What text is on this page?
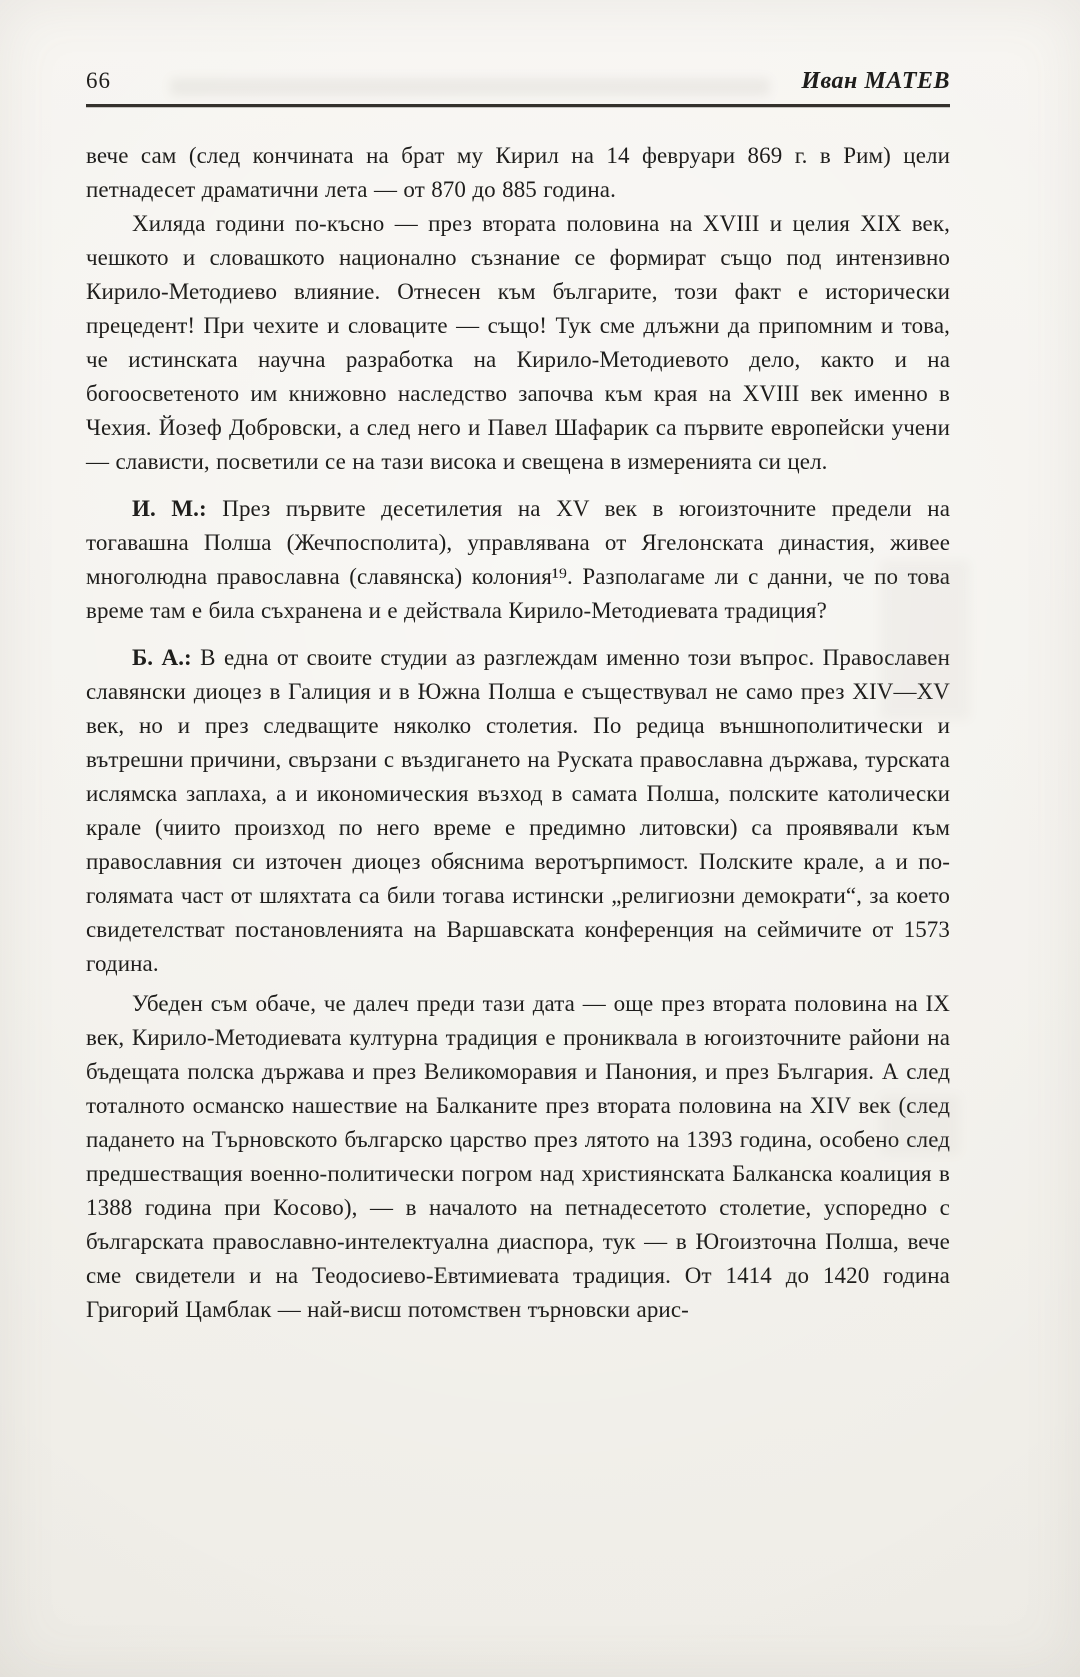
66	Иван МАТЕВ

вече сам (след кончината на брат му Кирил на 14 февруари 869 г. в Рим) цели петнадесет драматични лета — от 870 до 885 година.

Хиляда години по-късно — през втората половина на XVIII и целия XIX век, чешкото и словашкото национално съзнание се формират също под интензивно Кирило-Методиево влияние. Отнесен към българите, този факт е исторически прецедент! При чехите и словаците — също! Тук сме длъжни да припомним и това, че истинската научна разработка на Кирило-Методиевото дело, както и на богоосветеното им книжовно наследство започва към края на XVIII век именно в Чехия. Йозеф Добровски, а след него и Павел Шафарик са първите европейски учени — слависти, посветили се на тази висока и свещена в измеренията си цел.

И. М.: През първите десетилетия на XV век в югоизточните предели на тогавашна Полша (Жечпосполита), управлявана от Ягелонската династия, живее многолюдна православна (славянска) колония¹⁹. Разполагаме ли с данни, че по това време там е била съхранена и е действала Кирило-Методиевата традиция?

Б. А.: В една от своите студии аз разглеждам именно този въпрос. Православен славянски диоцез в Галиция и в Южна Полша е съществувал не само през XIV—XV век, но и през следващите няколко столетия. По редица външнополитически и вътрешни причини, свързани с въздигането на Руската православна държава, турската ислямска заплаха, а и икономическия възход в самата Полша, полските католически крале (чиито произход по него време е предимно литовски) са проявявали към православния си източен диоцез обяснима веротърпимост. Полските крале, а и по-голямата част от шляхтата са били тогава истински „религиозни демократи“, за което свидетелстват постановленията на Варшавската конференция на сеймичите от 1573 година.

Убеден съм обаче, че далеч преди тази дата — още през втората половина на IX век, Кирило-Методиевата културна традиция е прониквала в югоизточните райони на бъдещата полска държава и през Великоморавия и Панония, и през България. А след тоталното османско нашествие на Балканите през втората половина на XIV век (след падането на Търновското българско царство през лятото на 1393 година, особено след предшестващия военно-политически погром над християнската Балканска коалиция в 1388 година при Косово), — в началото на петнадесетото столетие, успоредно с българската православно-интелектуална диаспора, тук — в Югоизточна Полша, вече сме свидетели и на Теодосиево-Евтимиевата традиция. От 1414 до 1420 година Григорий Цамблак — най-висш потомствен търновски арис-
